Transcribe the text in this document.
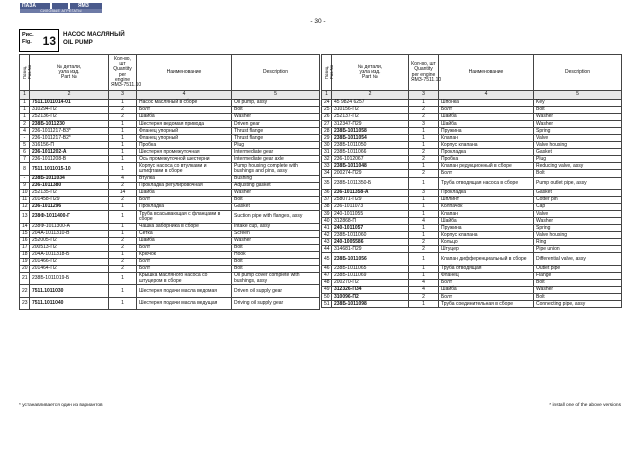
ПАЗА	ЯМЗ
СИЛОВЫЕ АГРЕГАТЫ
- 30 -
Рис.
Fig. 13 НАСОС МАСЛЯНЫЙ
OIL PUMP
Позиц.
Pos.No	№ детали,
узла изд.
Part №	Кол-во, шт
Quantity
per engine
ЯМЗ-7511.10	Наименование	Description
1	2	3	4	5
1	7511.1011014-01	1	Насос масляный в сборе	Oil pump, assy
1	310294-П2	2	Болт	Bolt
1	252136-П2	2	Шайба	Washer
2	238Б-1011230	1	Шестерня ведомая привода	Driven gear
4	236-1011217-В3*	1	Фланец упорный	Thrust flange
-	236-1011217-В2*	1	Фланец упорный	Thrust flange
5	316156-П	1	Пробка	Plug
6	236-1011202-А	1	Шестерня промежуточная	Intermediate gear
7	236-1011208-В	1	Ось промежуточной шестерни	Intermediate gear axle
8	7511.1011015-10	1	Корпус насоса со втулками и штифтами в сборе	Pump housing complete with bushings and pins, assy
-	238Б-1011034	4	Втулка	Bushing
9	236-1011380	2	Прокладка регулировочная	Adjusting gasket
10	252135-П2	14	Шайба	Washer
11	201458-П29	2	Болт	Bolt
12	236-1011296	1	Прокладка	Gasket
13	238Ф-1011400-Г	1	Труба всасывающая с фланцами в сборе	Suction pipe with flanges, assy
14	238Ф-1011300-А	1	Чашка заборника в сборе	Intake cup, assy
15	204А-1011310-В	1	Сетка	Screen
16	252005-П2	2	Шайба	Washer
17	200513-П2	2	Болт	Bolt
18	204А-1011318-Б	1	Крючок	Hook
19	201466-П2	2	Болт	Bolt
20	201464-П2	2	Болт	Bolt
21	238Б-1011019-Б	1	Крышка масляного насоса со штуцером в сборе	Oil pump cover complete with bushings, assy
22	7511.1011030	1	Шестерня подачи масла ведомая	Driven oil supply gear
23	7511.1011040	1	Шестерня подачи масла ведущая	Driving oil supply gear
Позиц.
Pos.No	№ детали,
узла изд.
Part №	Кол-во, шт
Quantity
per engine
ЯМЗ-7511.10	Наименование	Description
1	2	3	4	5
24	45 9824 6257	1	Шпонка	Key
25	310156-П2	2	Болт	Bolt
26	252137-П2	2	Шайба	Washer
27	312347-П29	3	Шайба	Washer
28	238Б-1011058	1	Пружина	Spring
29	238Б-1011054	1	Клапан	Valve
30	238Б-1011050	1	Корпус клапана	Valve housing
31	238Б-1011066	2	Прокладка	Gasket
32	236-1012067	2	Пробка	Plug
33	238Б-1011048	1	Клапан редукционный в сборе	Reducing valve, assy
34	200274-П29	2	Болт	Bolt
35	238Б-1011350-Б	1	Труба отводящая насоса в сборе	Pump outlet pipe, assy
36	236-1011358-А	3	Прокладка	Gasket
37	258071-П29	1	Шплинт	Cotter pin
38	236-1011073	1	Колпачок	Cap
39	240-1011055	1	Клапан	Valve
40	312868-П	4	Шайба	Washer
41	240-1011057	1	Пружина	Spring
42	238Б-1011060	1	Корпус клапана	Valve housing
43	240-1005586	2	Кольцо	Ring
44	314681-П29	2	Штуцер	Pipe union
45	238Б-1011056	1	Клапан дифференциальный в сборе	Differential valve, assy
46	238Б-1011065	1	Труба отводящая	Outlet pipe
47	238Б-1011069	1	Фланец	Flange
48	200270-П2	4	Болт	Bolt
49	312326-П34	4	Шайба	Washer
50	310096-П2	2	Болт	Bolt
51	238Б-1011098	1	Труба соединительная в сборе	Connecting pipe, assy
* устанавливается один из вариантов	* install one of the above versions
